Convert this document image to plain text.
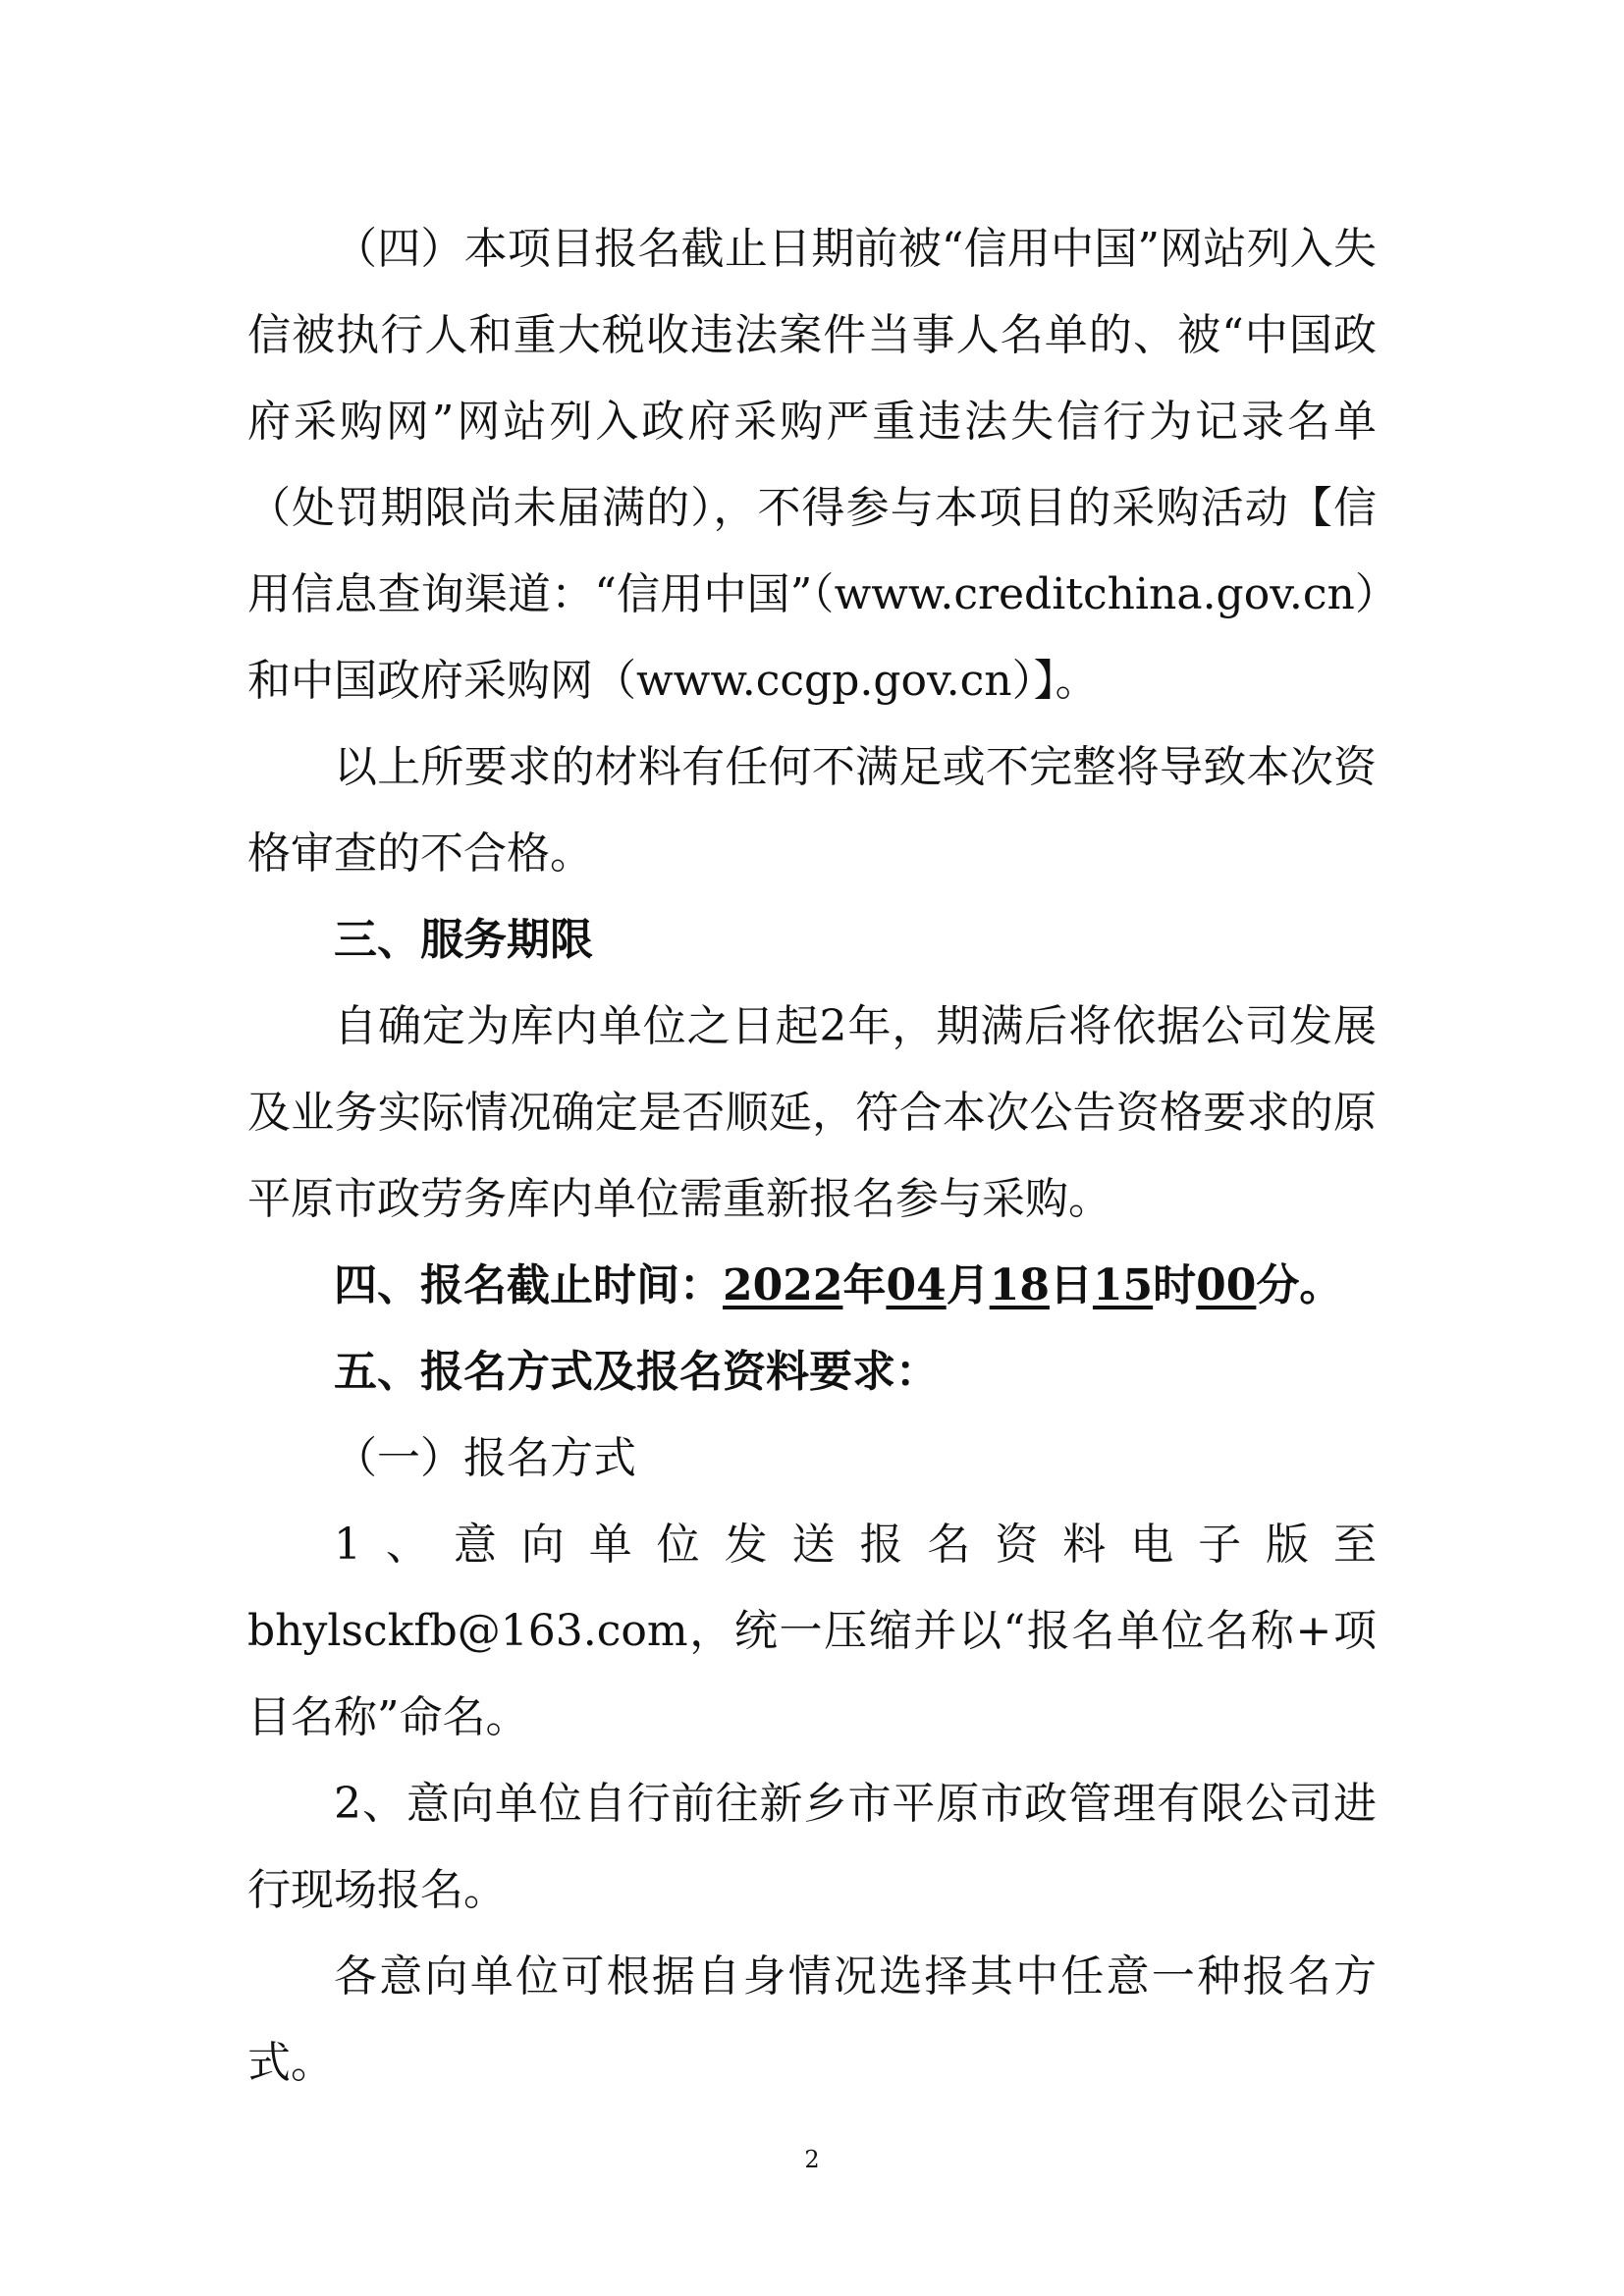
（四）本项目报名截止日期前被“信用中国”网站列入失信被执行人和重大税收违法案件当事人名单的、被“中国政府采购网”网站列入政府采购严重违法失信行为记录名单（处罚期限尚未届满的），不得参与本项目的采购活动【信用信息查询渠道：“信用中国”（www.creditchina.gov.cn）和中国政府采购网（www.ccgp.gov.cn）】。

以上所要求的材料有任何不满足或不完整将导致本次资格审查的不合格。

三、服务期限

自确定为库内单位之日起2年，期满后将依据公司发展及业务实际情况确定是否顺延，符合本次公告资格要求的原平原市政劳务库内单位需重新报名参与采购。

四、报名截止时间：2022年04月18日15时00分。

五、报名方式及报名资料要求：

（一）报名方式

1、意向单位发送报名资料电子版至bhylsckfb@163.com，统一压缩并以“报名单位名称+项目名称”命名。

2、意向单位自行前往新乡市平原市政管理有限公司进行现场报名。

各意向单位可根据自身情况选择其中任意一种报名方式。

2
